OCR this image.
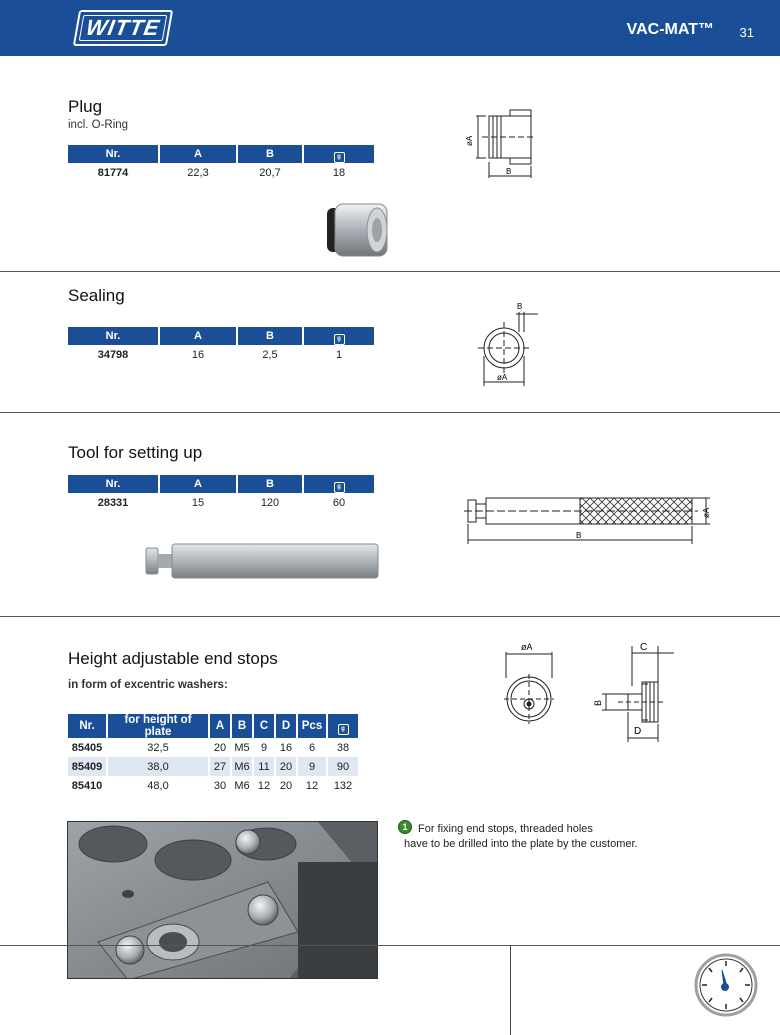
WITTE	VAC-MAT™ 31
Plug
incl. O-Ring
Nr.	A	B	g
81774	22,3	20,7	18
øA
B
Sealing
Nr.	A	B	g
34798	16	2,5	1
B
øA
Tool for setting up
Nr.	A	B	g
28331	15	120	60
B
øA
Height adjustable end stops
in form of excentric washers:
Nr.	for height of plate	A	B	C	D	Pcs	g
85405	32,5	20	M5	9	16	6	38
85409	38,0	27	M6	11	20	9	90
85410	48,0	30	M6	12	20	12	132
øA	C
B
D
1 For fixing end stops, threaded holes
have to be drilled into the plate by the customer.
